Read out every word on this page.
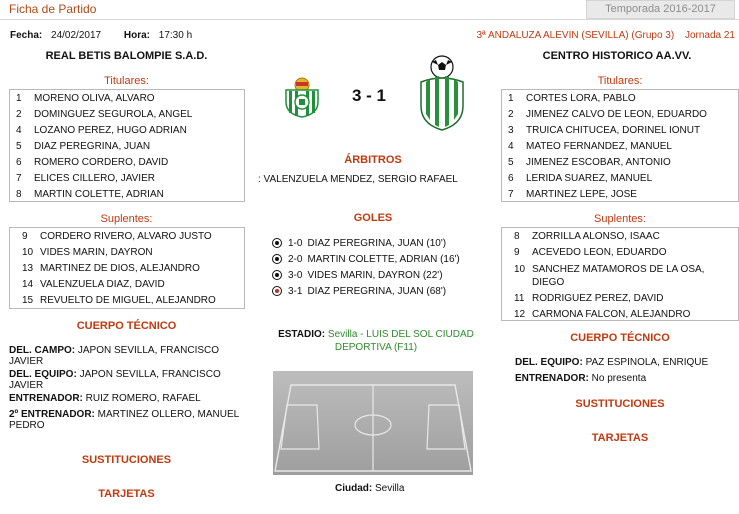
Ficha de Partido	Temporada 2016-2017
Fecha: 24/02/2017 Hora: 17:30 h	3ª ANDALUZA ALEVIN (SEVILLA) (Grupo 3) Jornada 21
REAL BETIS BALOMPIE S.A.D.	CENTRO HISTORICO AA.VV.
Titulares:
1	MORENO OLIVA, ALVARO
2	DOMINGUEZ SEGUROLA, ANGEL
4	LOZANO PEREZ, HUGO ADRIAN
5	DIAZ PEREGRINA, JUAN
6	ROMERO CORDERO, DAVID
7	ELICES CILLERO, JAVIER
8	MARTIN COLETTE, ADRIAN
Suplentes:
9	CORDERO RIVERO, ALVARO JUSTO
10 VIDES MARIN, DAYRON
13 MARTINEZ DE DIOS, ALEJANDRO
14 VALENZUELA DIAZ, DAVID
15 REVUELTO DE MIGUEL, ALEJANDRO
CUERPO TÉCNICO
DEL. CAMPO: JAPON SEVILLA, FRANCISCO JAVIER
DEL. EQUIPO: JAPON SEVILLA, FRANCISCO JAVIER
ENTRENADOR: RUIZ ROMERO, RAFAEL
2º ENTRENADOR: MARTINEZ OLLERO, MANUEL PEDRO
SUSTITUCIONES
TARJETAS
3 - 1
ÁRBITROS
: VALENZUELA MENDEZ, SERGIO RAFAEL
GOLES
1-0 DIAZ PEREGRINA, JUAN (10')
2-0 MARTIN COLETTE, ADRIAN (16')
3-0 VIDES MARIN, DAYRON (22')
3-1 DIAZ PEREGRINA, JUAN (68')
ESTADIO: Sevilla - LUIS DEL SOL CIUDAD DEPORTIVA (F11)
Ciudad: Sevilla
Titulares:
1	CORTES LORA, PABLO
2	JIMENEZ CALVO DE LEON, EDUARDO
3	TRUICA CHITUCEA, DORINEL IONUT
4	MATEO FERNANDEZ, MANUEL
5	JIMENEZ ESCOBAR, ANTONIO
6	LERIDA SUAREZ, MANUEL
7	MARTINEZ LEPE, JOSE
Suplentes:
8	ZORRILLA ALONSO, ISAAC
9	ACEVEDO LEON, EDUARDO
10 SANCHEZ MATAMOROS DE LA OSA, DIEGO
11 RODRIGUEZ PEREZ, DAVID
12 CARMONA FALCON, ALEJANDRO
CUERPO TÉCNICO
DEL. EQUIPO: PAZ ESPINOLA, ENRIQUE
ENTRENADOR: No presenta
SUSTITUCIONES
TARJETAS
